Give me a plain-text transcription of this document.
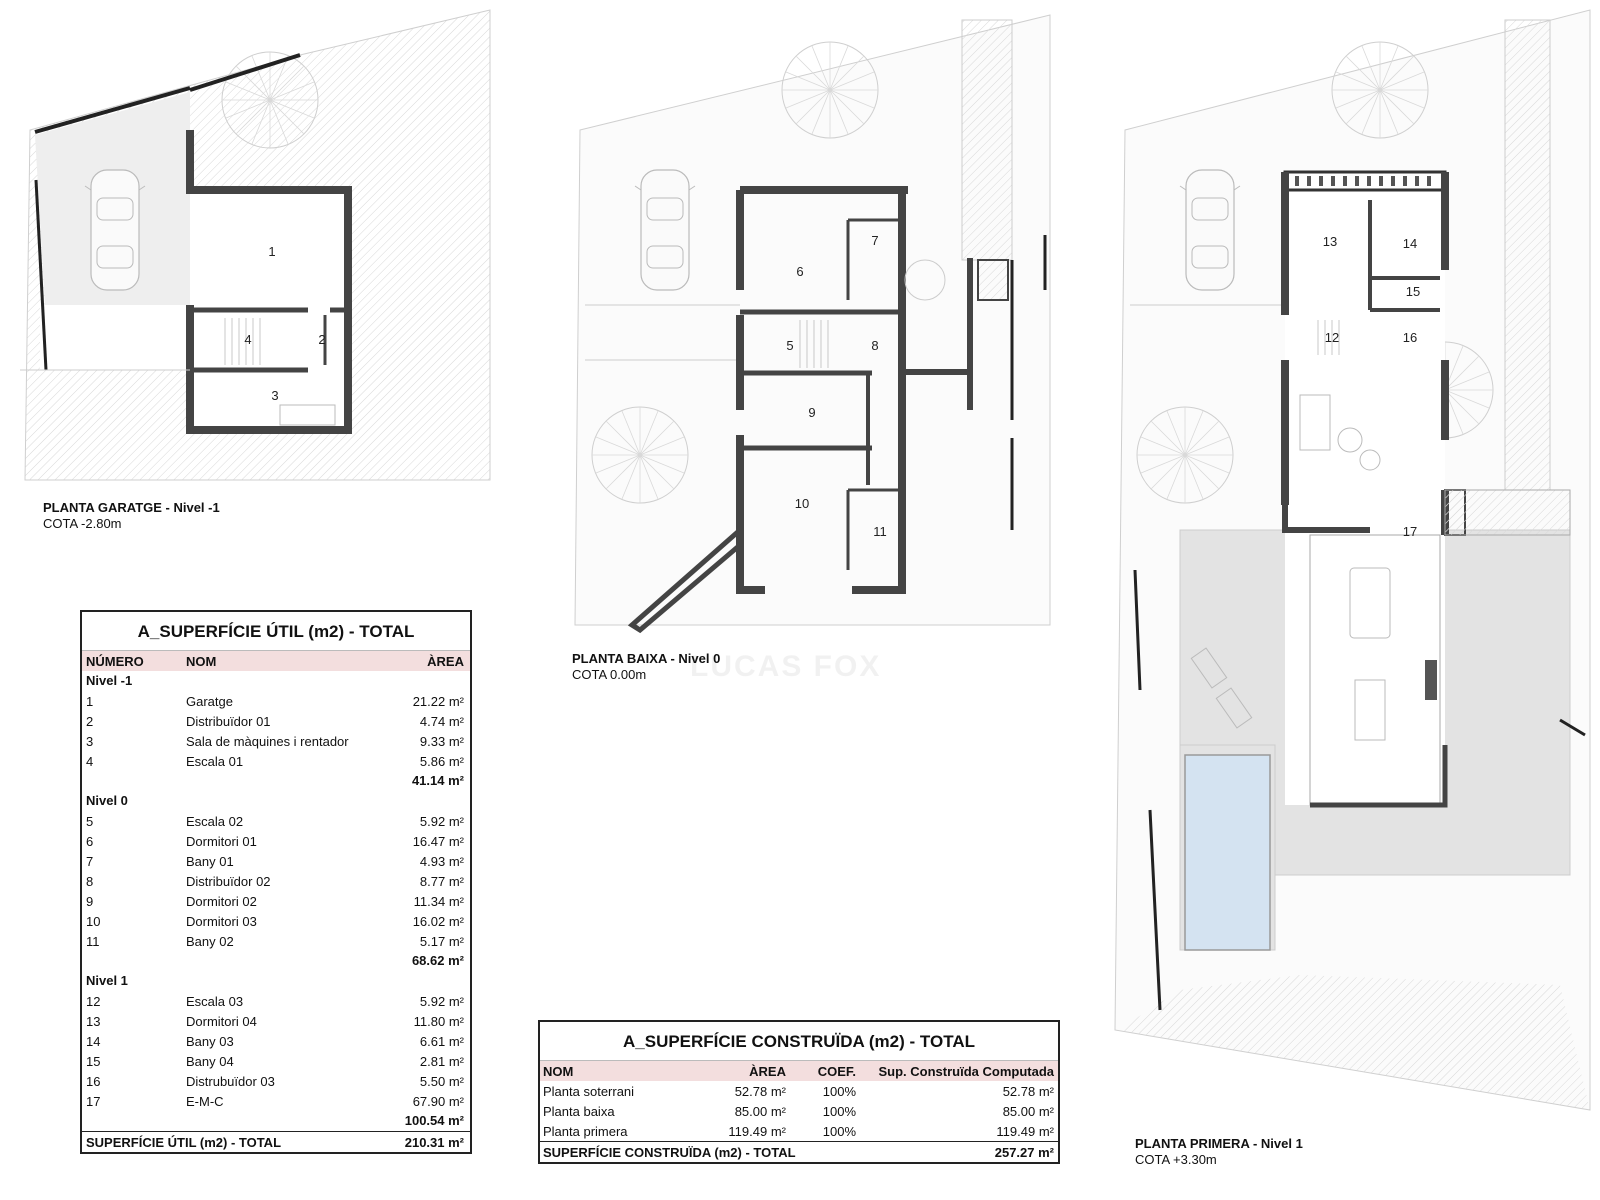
1
2
3
4	5
6
7
8
9
10
11
13	14
15
12	16
17
LUCAS FOX
PLANTA GARATGE - Nivel -1
COTA -2.80m
PLANTA BAIXA - Nivel 0
COTA 0.00m
PLANTA PRIMERA - Nivel 1
COTA +3.30m
A_SUPERFÍCIE ÚTIL (m2) - TOTAL
NÚMERO	NOM	ÀREA
Nivel -1
1	Garatge	21.22 m²
2	Distribuïdor 01	4.74 m²
3	Sala de màquines i rentador	9.33 m²
4	Escala 01	5.86 m²
41.14 m²
Nivel 0
5	Escala 02	5.92 m²
6	Dormitori 01	16.47 m²
7	Bany 01	4.93 m²
8	Distribuïdor 02	8.77 m²
9	Dormitori 02	11.34 m²
10	Dormitori 03	16.02 m²
11	Bany 02	5.17 m²
68.62 m²
Nivel 1
12	Escala 03	5.92 m²
13	Dormitori 04	11.80 m²
14	Bany 03	6.61 m²
15	Bany 04	2.81 m²
16	Distrubuïdor 03	5.50 m²
17	E-M-C	67.90 m²
100.54 m²
SUPERFÍCIE ÚTIL (m2) - TOTAL	210.31 m²
A_SUPERFÍCIE CONSTRUÏDA (m2) - TOTAL
NOM	ÀREA	COEF.	Sup. Construïda Computada
Planta soterrani	52.78 m²	100%	52.78 m²
Planta baixa	85.00 m²	100%	85.00 m²
Planta primera	119.49 m²	100%	119.49 m²
SUPERFÍCIE CONSTRUÏDA (m2) - TOTAL	257.27 m²
